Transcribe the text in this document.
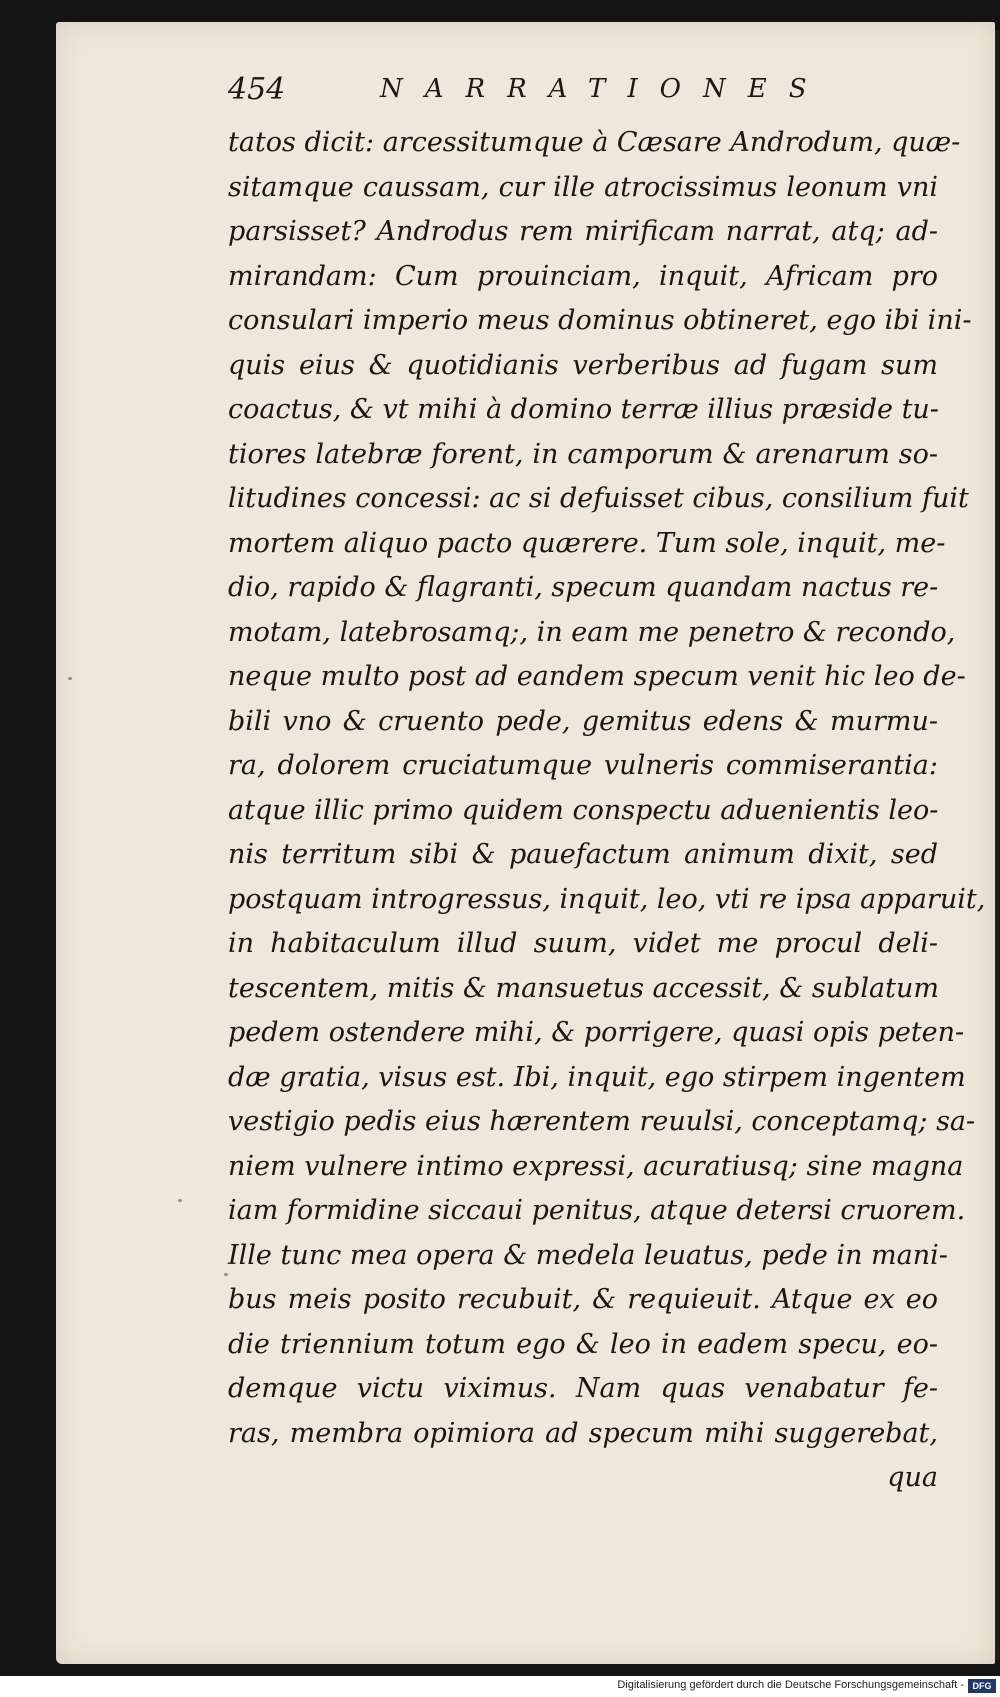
454	NARRATIONES
tatos dicit: arcessitumque à Cæsare Androdum, quæ-
sitamque caussam, cur ille atrocissimus leonum vni
parsisset? Androdus rem mirificam narrat, atq; ad-
mirandam: Cum prouinciam, inquit, Africam pro
consulari imperio meus dominus obtineret, ego ibi ini-
quis eius & quotidianis verberibus ad fugam sum
coactus, & vt mihi à domino terræ illius præside tu-
tiores latebræ forent, in camporum & arenarum so-
litudines concessi: ac si defuisset cibus, consilium fuit
mortem aliquo pacto quærere. Tum sole, inquit, me-
dio, rapido & flagranti, specum quandam nactus re-
motam, latebrosamq;, in eam me penetro & recondo,
neque multo post ad eandem specum venit hic leo de-
bili vno & cruento pede, gemitus edens & murmu-
ra, dolorem cruciatumque vulneris commiserantia:
atque illic primo quidem conspectu aduenientis leo-
nis territum sibi & pauefactum animum dixit, sed
postquam introgressus, inquit, leo, vti re ipsa apparuit,
in habitaculum illud suum, videt me procul deli-
tescentem, mitis & mansuetus accessit, & sublatum
pedem ostendere mihi, & porrigere, quasi opis peten-
dæ gratia, visus est. Ibi, inquit, ego stirpem ingentem
vestigio pedis eius hærentem reuulsi, conceptamq; sa-
niem vulnere intimo expressi, acuratiusq; sine magna
iam formidine siccaui penitus, atque detersi cruorem.
Ille tunc mea opera & medela leuatus, pede in mani-
bus meis posito recubuit, & requieuit. Atque ex eo
die triennium totum ego & leo in eadem specu, eo-
demque victu viximus. Nam quas venabatur fe-
ras, membra opimiora ad specum mihi suggerebat,
qua
Digitalisierung gefördert durch die Deutsche Forschungsgemeinschaft - DFG
